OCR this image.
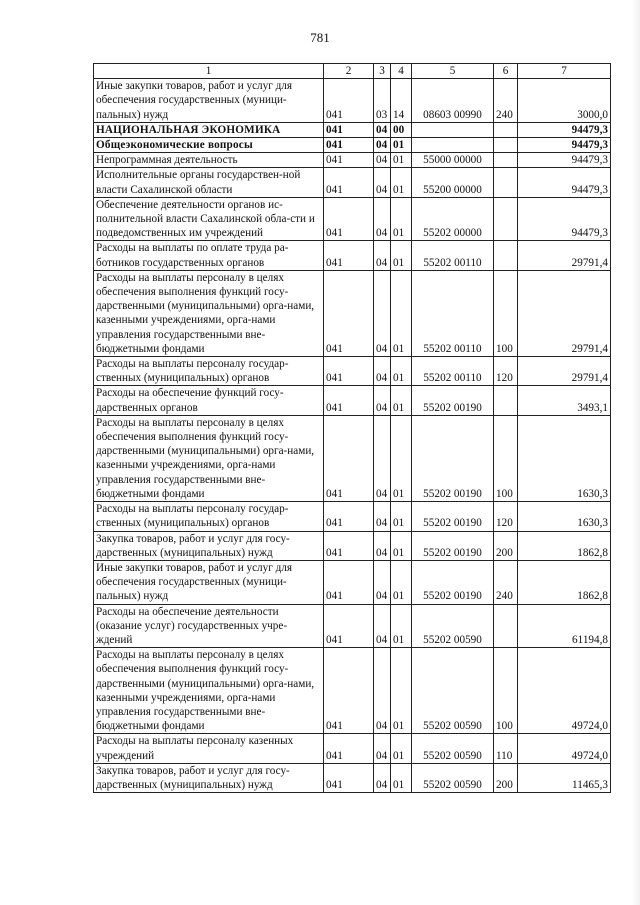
781
1	2	3	4	5	6	7
Иные закупки товаров, работ и услуг для обеспечения государственных (муници-пальных) нужд	041	03	14	08603 00990	240	3000,0
НАЦИОНАЛЬНАЯ ЭКОНОМИКА	041	04	00			94479,3
Общеэкономические вопросы	041	04	01			94479,3
Непрограммная деятельность	041	04	01	55000 00000		94479,3
Исполнительные органы государствен-ной власти Сахалинской области	041	04	01	55200 00000		94479,3
Обеспечение деятельности органов ис-полнительной власти Сахалинской обла-сти и подведомственных им учреждений	041	04	01	55202 00000		94479,3
Расходы на выплаты по оплате труда ра-ботников государственных органов	041	04	01	55202 00110		29791,4
Расходы на выплаты персоналу в целях обеспечения выполнения функций госу-дарственными (муниципальными) орга-нами, казенными учреждениями, орга-нами управления государственными вне-бюджетными фондами	041	04	01	55202 00110	100	29791,4
Расходы на выплаты персоналу государ-ственных (муниципальных) органов	041	04	01	55202 00110	120	29791,4
Расходы на обеспечение функций госу-дарственных органов	041	04	01	55202 00190		3493,1
Расходы на выплаты персоналу в целях обеспечения выполнения функций госу-дарственными (муниципальными) орга-нами, казенными учреждениями, орга-нами управления государственными вне-бюджетными фондами	041	04	01	55202 00190	100	1630,3
Расходы на выплаты персоналу государ-ственных (муниципальных) органов	041	04	01	55202 00190	120	1630,3
Закупка товаров, работ и услуг для госу-дарственных (муниципальных) нужд	041	04	01	55202 00190	200	1862,8
Иные закупки товаров, работ и услуг для обеспечения государственных (муници-пальных) нужд	041	04	01	55202 00190	240	1862,8
Расходы на обеспечение деятельности (оказание услуг) государственных учре-ждений	041	04	01	55202 00590		61194,8
Расходы на выплаты персоналу в целях обеспечения выполнения функций госу-дарственными (муниципальными) орга-нами, казенными учреждениями, орга-нами управления государственными вне-бюджетными фондами	041	04	01	55202 00590	100	49724,0
Расходы на выплаты персоналу казенных учреждений	041	04	01	55202 00590	110	49724,0
Закупка товаров, работ и услуг для госу-дарственных (муниципальных) нужд	041	04	01	55202 00590	200	11465,3
